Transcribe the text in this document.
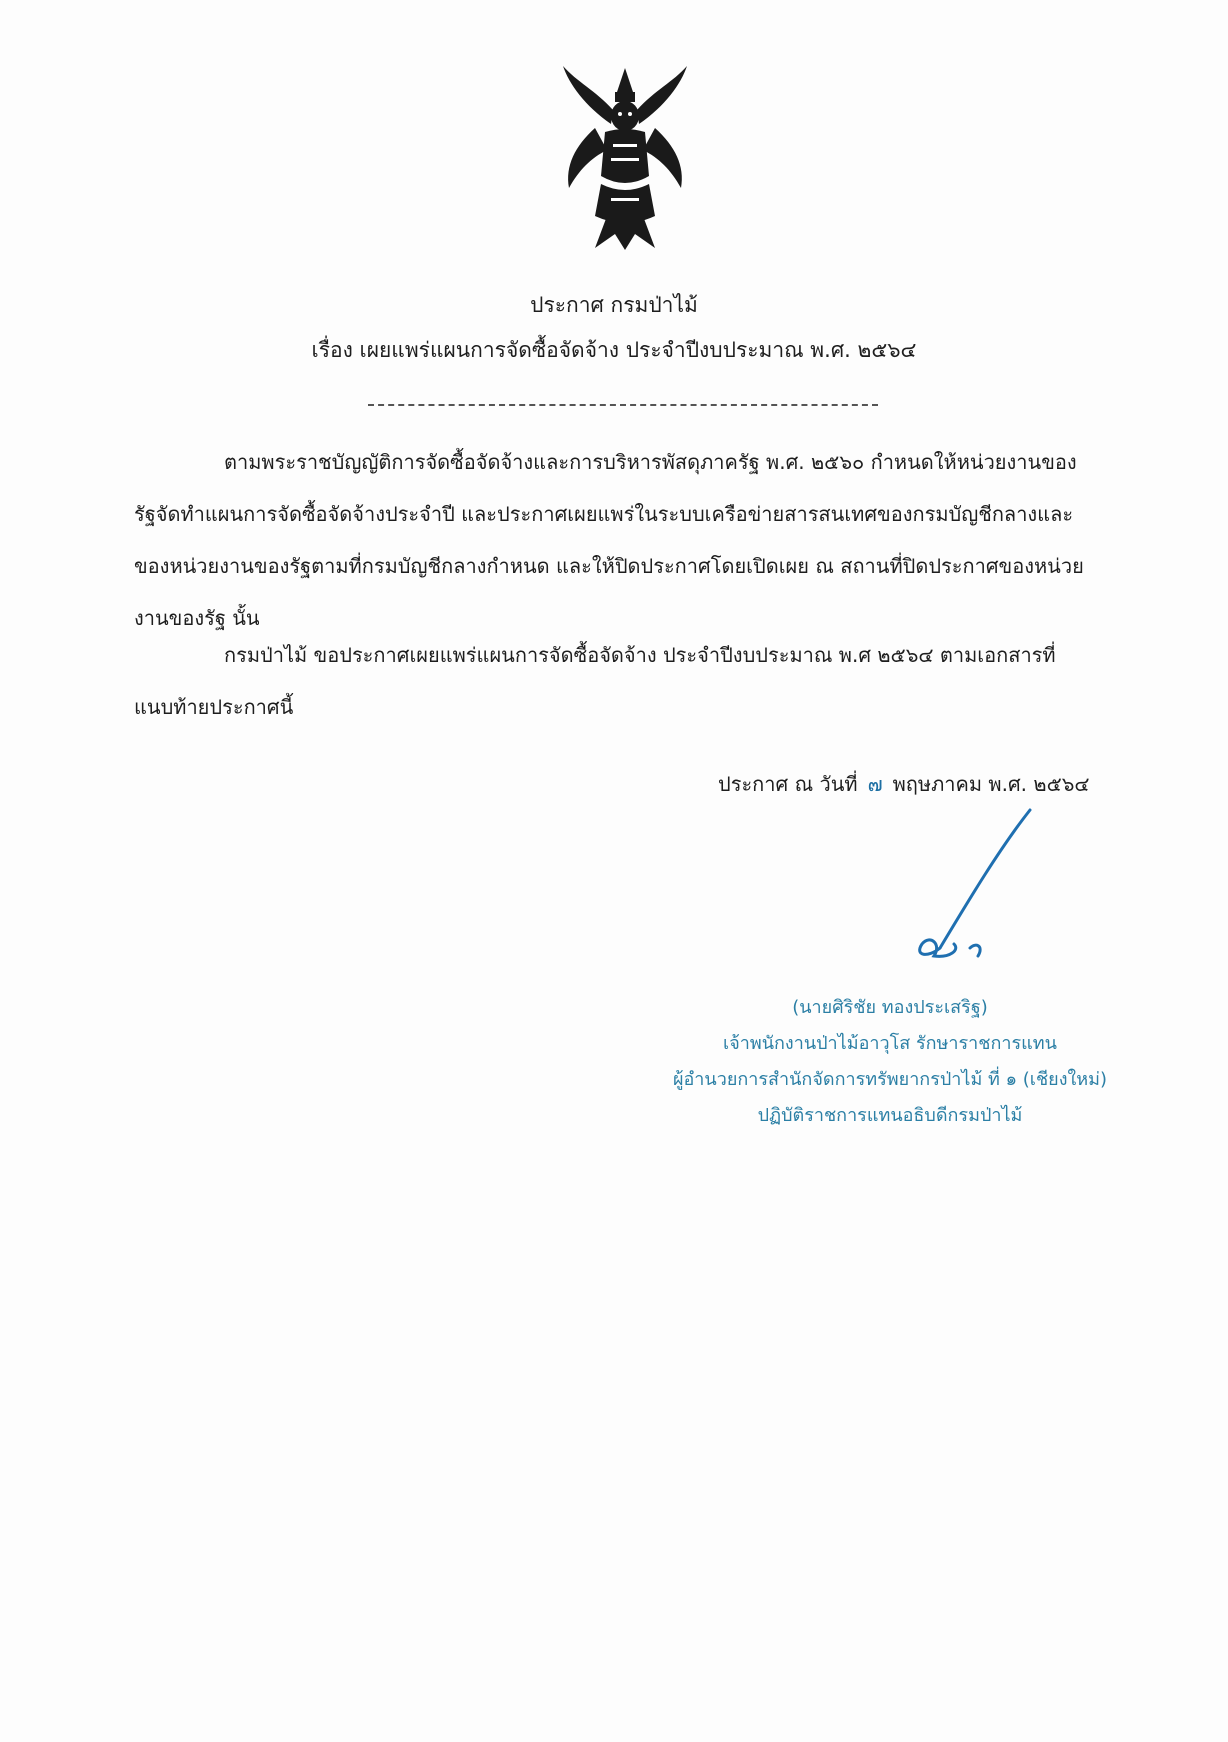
ประกาศ กรมป่าไม้
เรื่อง เผยแพร่แผนการจัดซื้อจัดจ้าง ประจำปีงบประมาณ พ.ศ. ๒๕๖๔
ตามพระราชบัญญัติการจัดซื้อจัดจ้างและการบริหารพัสดุภาครัฐ พ.ศ. ๒๕๖๐ กำหนดให้หน่วยงานของรัฐจัดทำแผนการจัดซื้อจัดจ้างประจำปี และประกาศเผยแพร่ในระบบเครือข่ายสารสนเทศของกรมบัญชีกลางและของหน่วยงานของรัฐตามที่กรมบัญชีกลางกำหนด และให้ปิดประกาศโดยเปิดเผย ณ สถานที่ปิดประกาศของหน่วยงานของรัฐ นั้น
กรมป่าไม้ ขอประกาศเผยแพร่แผนการจัดซื้อจัดจ้าง ประจำปีงบประมาณ พ.ศ ๒๕๖๔ ตามเอกสารที่แนบท้ายประกาศนี้
ประกาศ ณ วันที่ ๗ พฤษภาคม พ.ศ. ๒๕๖๔
(นายศิริชัย ทองประเสริฐ)
เจ้าพนักงานป่าไม้อาวุโส รักษาราชการแทน
ผู้อำนวยการสำนักจัดการทรัพยากรป่าไม้ ที่ ๑ (เชียงใหม่)
ปฏิบัติราชการแทนอธิบดีกรมป่าไม้
